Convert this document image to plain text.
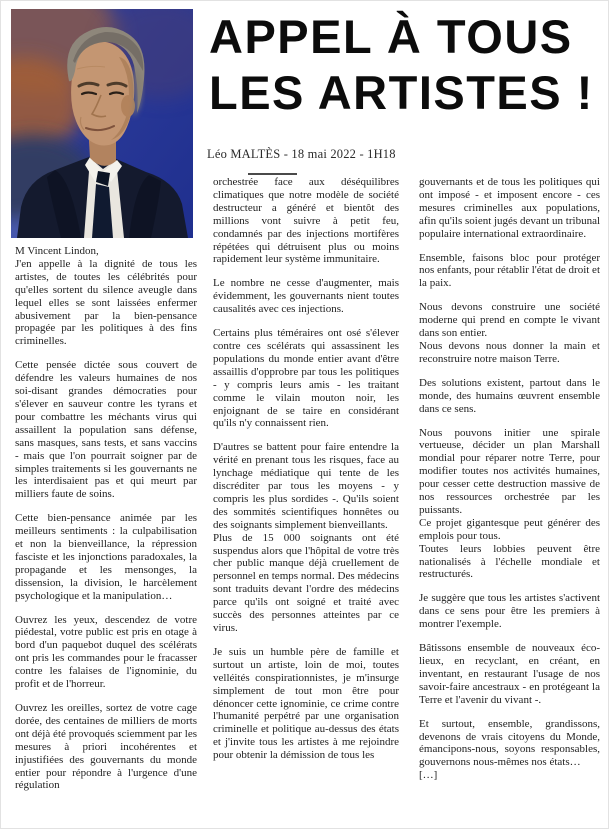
APPEL À TOUS
LES ARTISTES !
Léo MALTÈS - 18 mai 2022 - 1H18

M Vincent Lindon,

J'en appelle à la dignité de tous les artistes, de toutes les célébrités pour qu'elles sortent du silence aveugle dans lequel elles se sont laissées enfermer abusivement par la bien-pensance propagée par les politiques à des fins criminelles.

Cette pensée dictée sous couvert de défendre les valeurs humaines de nos soi-disant grandes démocraties pour s'élever en sauveur contre les tyrans et pour combattre les méchants virus qui assaillent la population sans défense, sans masques, sans tests, et sans vaccins - mais que l'on pourrait soigner par de simples traitements si les gouvernants ne les interdisaient pas et qui meurt par milliers faute de soins.

Cette bien-pensance animée par les meilleurs sentiments : la culpabilisation et non la bienveillance, la répression fasciste et les injonctions paradoxales, la propagande et les mensonges, la dissension, la division, le harcèlement psychologique et la manipulation…

Ouvrez les yeux, descendez de votre piédestal, votre public est pris en otage à bord d'un paquebot duquel des scélérats ont pris les commandes pour le fracasser contre les falaises de l'ignominie, du profit et de l'horreur.

Ouvrez les oreilles, sortez de votre cage dorée, des centaines de milliers de morts ont déjà été provoqués sciemment par les mesures à priori incohérentes et injustifiées des gouvernants du monde entier pour répondre à l'urgence d'une régulation

orchestrée face aux déséquilibres climatiques que notre modèle de société destructeur a généré et bientôt des millions vont suivre à petit feu, condamnés par des injections mortifères répétées qui détruisent plus ou moins rapidement leur système immunitaire.

Le nombre ne cesse d'augmenter, mais évidemment, les gouvernants nient toutes causalités avec ces injections.

Certains plus téméraires ont osé s'élever contre ces scélérats qui assassinent les populations du monde entier avant d'être assaillis d'opprobre par tous les politiques - y compris leurs amis - les traitant comme le vilain mouton noir, les enjoignant de se taire en considérant qu'ils n'y connaissent rien.

D'autres se battent pour faire entendre la vérité en prenant tous les risques, face au lynchage médiatique qui tente de les discréditer par tous les moyens - y compris les plus sordides -. Qu'ils soient des sommités scientifiques honnêtes ou des soignants simplement bienveillants.

Plus de 15 000 soignants ont été suspendus alors que l'hôpital de votre très cher public manque déjà cruellement de personnel en temps normal. Des médecins sont traduits devant l'ordre des médecins parce qu'ils ont soigné et traité avec succès des personnes atteintes par ce virus.

Je suis un humble père de famille et surtout un artiste, loin de moi, toutes velléités conspirationnistes, je m'insurge simplement de tout mon être pour dénoncer cette ignominie, ce crime contre l'humanité perpétré par une organisation criminelle et politique au-dessus des états et j'invite tous les artistes à me rejoindre pour obtenir la démission de tous les

gouvernants et de tous les politiques qui ont imposé - et imposent encore - ces mesures criminelles aux populations, afin qu'ils soient jugés devant un tribunal populaire international extraordinaire.

Ensemble, faisons bloc pour protéger nos enfants, pour rétablir l'état de droit et la paix.

Nous devons construire une société moderne qui prend en compte le vivant dans son entier.

Nous devons nous donner la main et reconstruire notre maison Terre.

Des solutions existent, partout dans le monde, des humains œuvrent ensemble dans ce sens.

Nous pouvons initier une spirale vertueuse, décider un plan Marshall mondial pour réparer notre Terre, pour modifier toutes nos activités humaines, pour cesser cette destruction massive de nos ressources orchestrée par les puissants.

Ce projet gigantesque peut générer des emplois pour tous.

Toutes leurs lobbies peuvent être nationalisés à l'échelle mondiale et restructurés.

Je suggère que tous les artistes s'activent dans ce sens pour être les premiers à montrer l'exemple.

Bâtissons ensemble de nouveaux éco-lieux, en recyclant, en créant, en inventant, en restaurant l'usage de nos savoir-faire ancestraux - en protégeant la Terre et l'avenir du vivant -.

Et surtout, ensemble, grandissons, devenons de vrais citoyens du Monde, émancipons-nous, soyons responsables, gouvernons nous-mêmes nos états…

[…]
